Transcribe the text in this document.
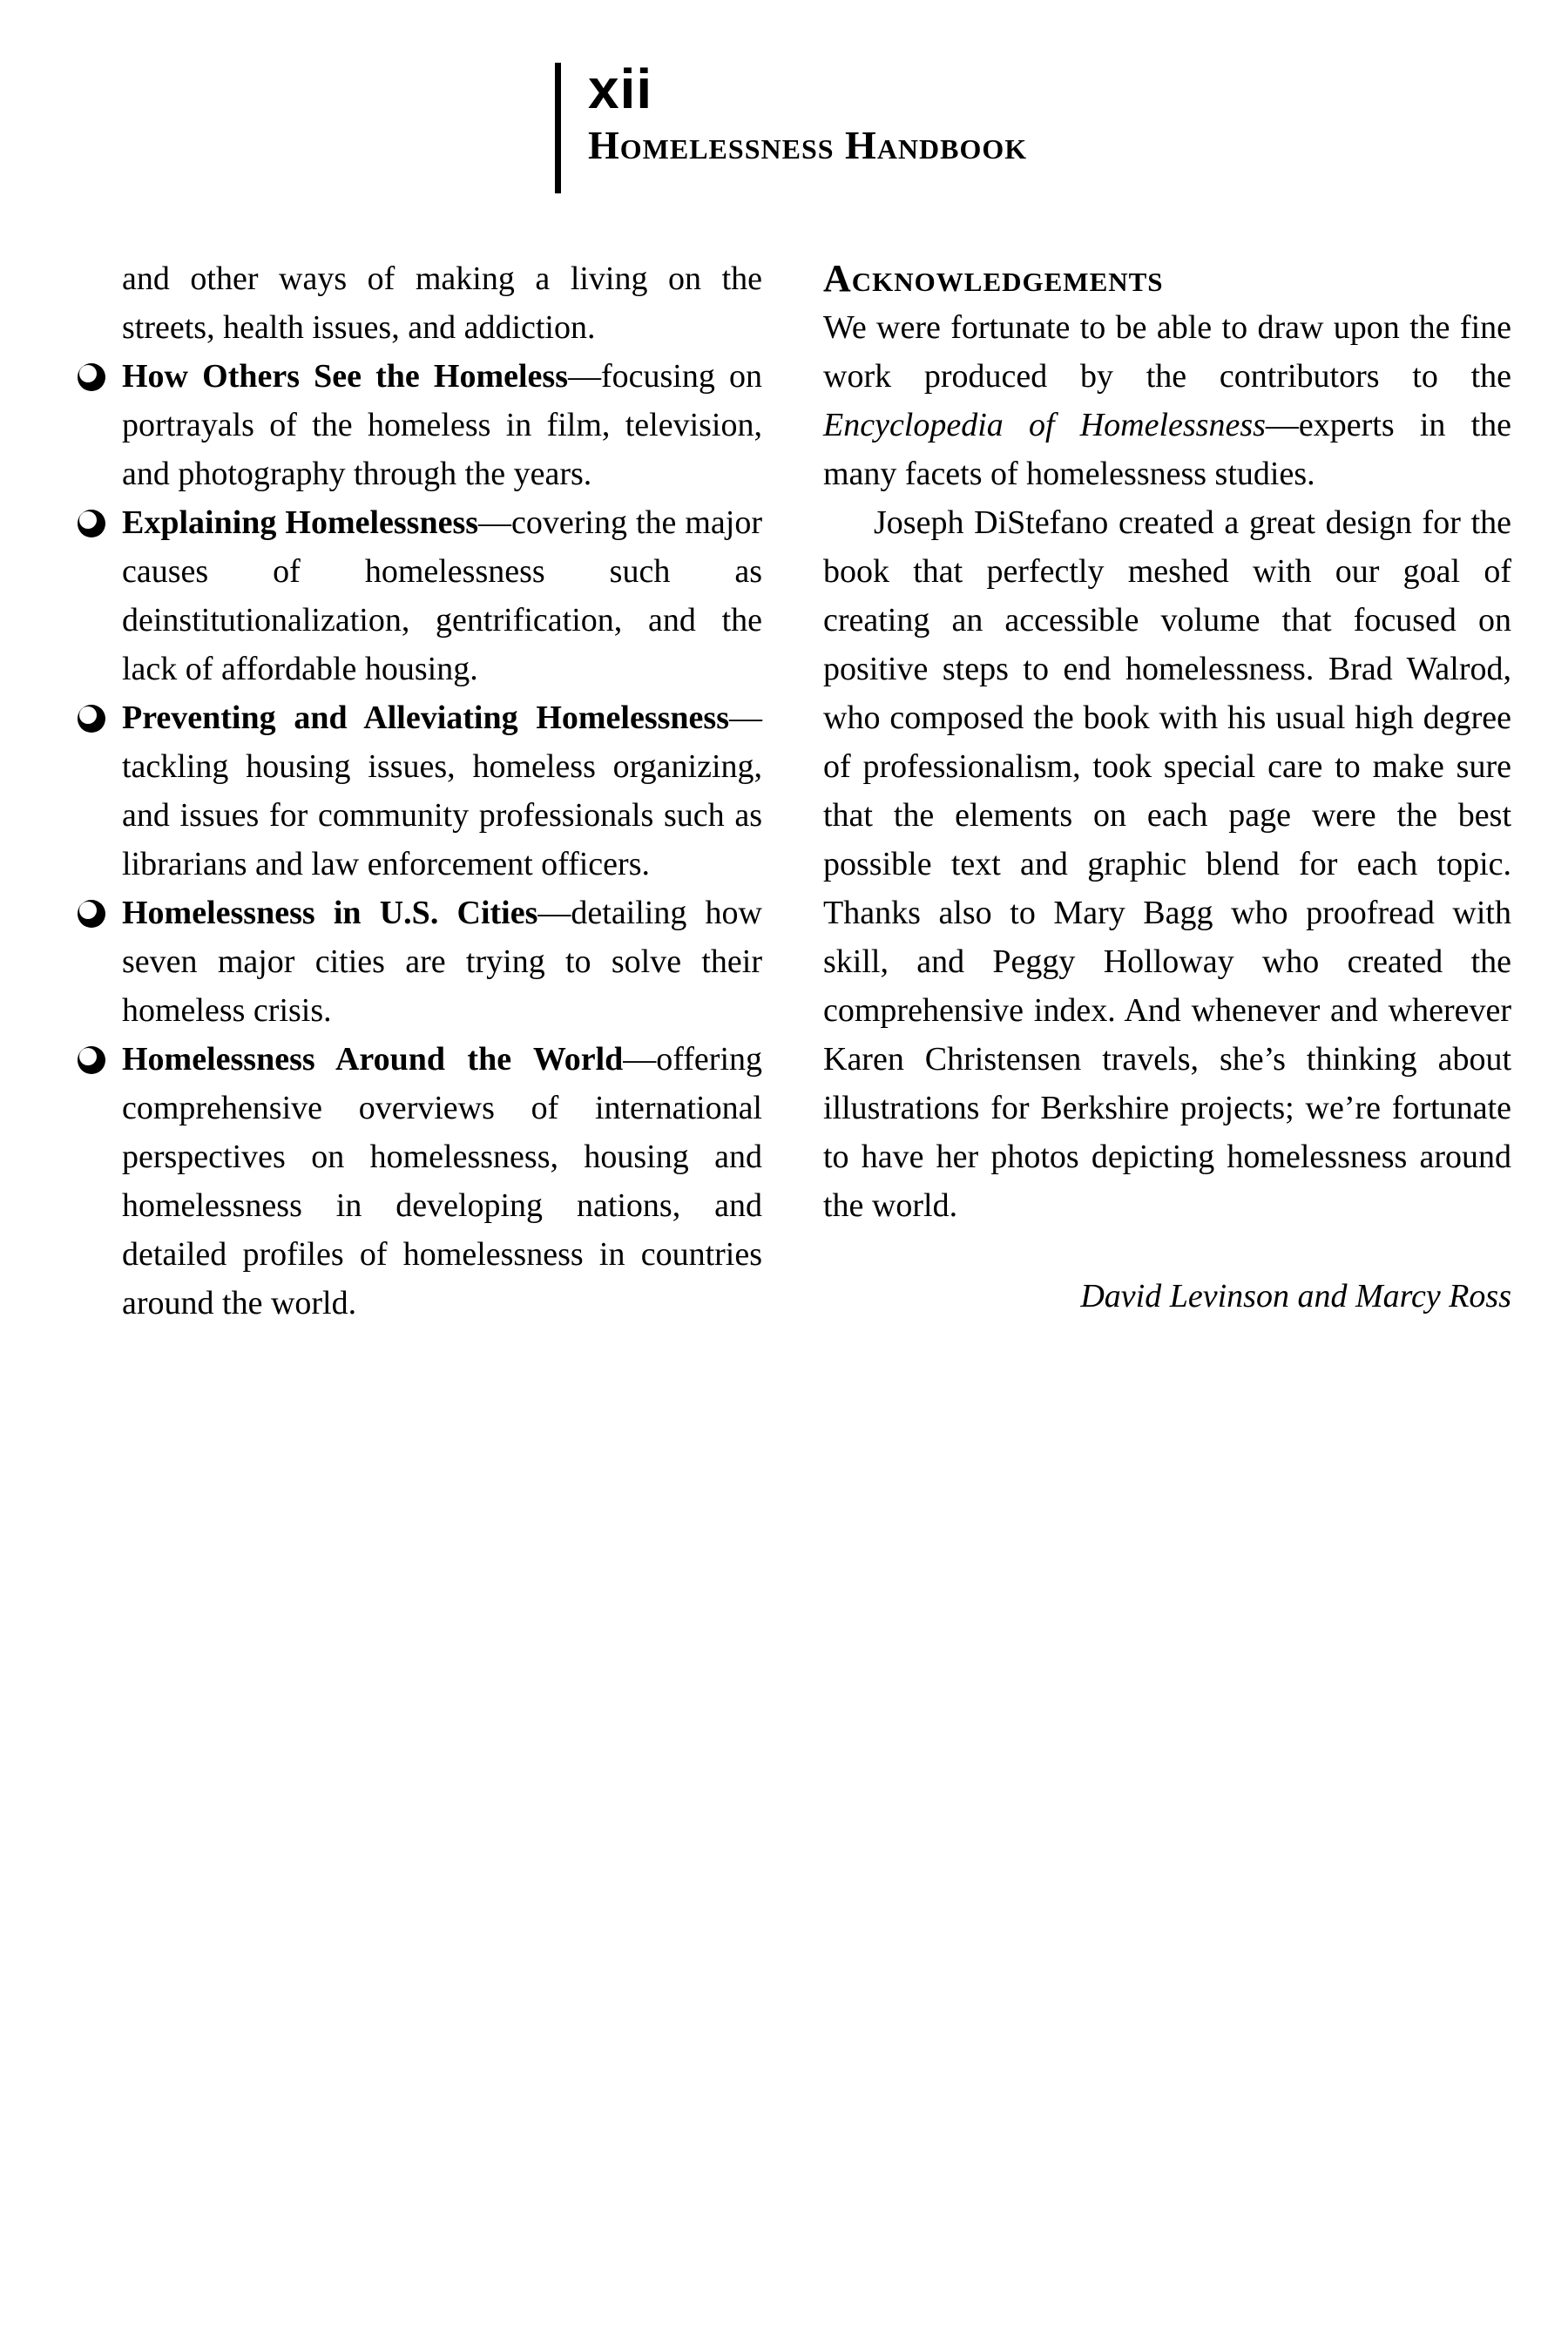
xii
Homelessness Handbook

and other ways of making a living on the streets, health issues, and addiction.

How Others See the Homeless—focusing on portrayals of the homeless in film, television, and photography through the years.
Explaining Homelessness—covering the major causes of homelessness such as deinstitutionalization, gentrification, and the lack of affordable housing.
Preventing and Alleviating Homelessness—tackling housing issues, homeless organizing, and issues for community professionals such as librarians and law enforcement officers.
Homelessness in U.S. Cities—detailing how seven major cities are trying to solve their homeless crisis.
Homelessness Around the World—offering comprehensive overviews of international perspectives on homelessness, housing and homelessness in developing nations, and detailed profiles of homelessness in countries around the world.
Acknowledgements

We were fortunate to be able to draw upon the fine work produced by the contributors to the Encyclopedia of Homelessness—experts in the many facets of homelessness studies.

Joseph DiStefano created a great design for the book that perfectly meshed with our goal of creating an accessible volume that focused on positive steps to end homelessness. Brad Walrod, who composed the book with his usual high degree of professionalism, took special care to make sure that the elements on each page were the best possible text and graphic blend for each topic. Thanks also to Mary Bagg who proofread with skill, and Peggy Holloway who created the comprehensive index. And whenever and wherever Karen Christensen travels, she’s thinking about illustrations for Berkshire projects; we’re fortunate to have her photos depicting homelessness around the world.

David Levinson and Marcy Ross
